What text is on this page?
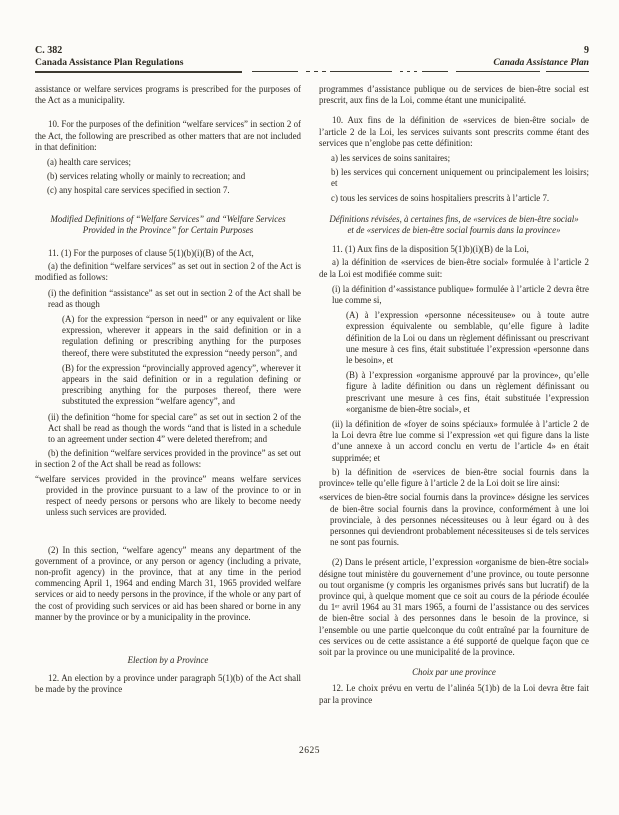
C. 382	9
Canada Assistance Plan Regulations	Canada Assistance Plan

assistance or welfare services programs is prescribed for the purposes of the Act as a municipality.

10. For the purposes of the definition “welfare services” in section 2 of the Act, the following are prescribed as other matters that are not included in that definition:

(a) health care services;

(b) services relating wholly or mainly to recreation; and

(c) any hospital care services specified in section 7.

Modified Definitions of “Welfare Services” and “Welfare Services Provided in the Province” for Certain Purposes

11. (1) For the purposes of clause 5(1)(b)(i)(B) of the Act,

(a) the definition “welfare services” as set out in section 2 of the Act is modified as follows:

(i) the definition “assistance” as set out in section 2 of the Act shall be read as though

(A) for the expression “person in need” or any equivalent or like expression, wherever it appears in the said definition or in a regulation defining or prescribing anything for the purposes thereof, there were substituted the expression “needy person”, and

(B) for the expression “provincially approved agency”, wherever it appears in the said definition or in a regulation defining or prescribing anything for the purposes thereof, there were substituted the expression “welfare agency”, and

(ii) the definition “home for special care” as set out in section 2 of the Act shall be read as though the words “and that is listed in a schedule to an agreement under section 4” were deleted therefrom; and

(b) the definition “welfare services provided in the province” as set out in section 2 of the Act shall be read as follows:

“welfare services provided in the province” means welfare services provided in the province pursuant to a law of the province to or in respect of needy persons or persons who are likely to become needy unless such services are provided.

(2) In this section, “welfare agency” means any department of the government of a province, or any person or agency (including a private, non-profit agency) in the province, that at any time in the period commencing April 1, 1964 and ending March 31, 1965 provided welfare services or aid to needy persons in the province, if the whole or any part of the cost of providing such services or aid has been shared or borne in any manner by the province or by a municipality in the province.

Election by a Province

12. An election by a province under paragraph 5(1)(b) of the Act shall be made by the province

programmes d’assistance publique ou de services de bien-être social est prescrit, aux fins de la Loi, comme étant une municipalité.

10. Aux fins de la définition de «services de bien-être social» de l’article 2 de la Loi, les services suivants sont prescrits comme étant des services que n’englobe pas cette définition:

a) les services de soins sanitaires;

b) les services qui concernent uniquement ou principalement les loisirs; et

c) tous les services de soins hospitaliers prescrits à l’article 7.

Définitions révisées, à certaines fins, de «services de bien-être social» et de «services de bien-être social fournis dans la province»

11. (1) Aux fins de la disposition 5(1)b)(i)(B) de la Loi,

a) la définition de «services de bien-être social» formulée à l’article 2 de la Loi est modifiée comme suit:

(i) la définition d’«assistance publique» formulée à l’article 2 devra être lue comme si,

(A) à l’expression «personne nécessiteuse» ou à toute autre expression équivalente ou semblable, qu’elle figure à ladite définition de la Loi ou dans un règlement définissant ou prescrivant une mesure à ces fins, était substituée l’expression «personne dans le besoin», et

(B) à l’expression «organisme approuvé par la province», qu’elle figure à ladite définition ou dans un règlement définissant ou prescrivant une mesure à ces fins, était substituée l’expression «organisme de bien-être social», et

(ii) la définition de «foyer de soins spéciaux» formulée à l’article 2 de la Loi devra être lue comme si l’expression «et qui figure dans la liste d’une annexe à un accord conclu en vertu de l’article 4» en était supprimée; et

b) la définition de «services de bien-être social fournis dans la province» telle qu’elle figure à l’article 2 de la Loi doit se lire ainsi:

«services de bien-être social fournis dans la province» désigne les services de bien-être social fournis dans la province, conformément à une loi provinciale, à des personnes nécessiteuses ou à leur égard ou à des personnes qui deviendront probablement nécessiteuses si de tels services ne sont pas fournis.

(2) Dans le présent article, l’expression «organisme de bien-être social» désigne tout ministère du gouvernement d’une province, ou toute personne ou tout organisme (y compris les organismes privés sans but lucratif) de la province qui, à quelque moment que ce soit au cours de la période écoulée du 1ᵉʳ avril 1964 au 31 mars 1965, a fourni de l’assistance ou des services de bien-être social à des personnes dans le besoin de la province, si l’ensemble ou une partie quelconque du coût entraîné par la fourniture de ces services ou de cette assistance a été supporté de quelque façon que ce soit par la province ou une municipalité de la province.

Choix par une province

12. Le choix prévu en vertu de l’alinéa 5(1)b) de la Loi devra être fait par la province

2625
